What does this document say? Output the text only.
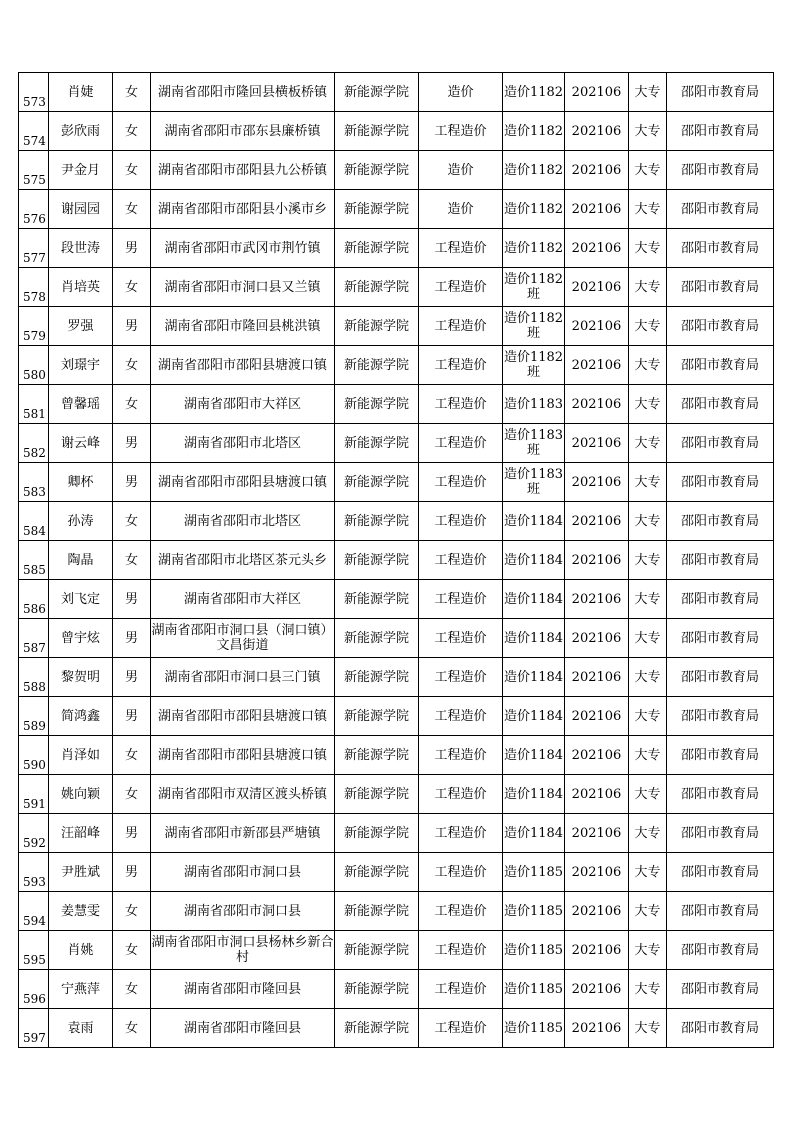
573	肖婕	女	湖南省邵阳市隆回县横板桥镇	新能源学院	造价	造价1182	202106	大专	邵阳市教育局
574	彭欣雨	女	湖南省邵阳市邵东县廉桥镇	新能源学院	工程造价	造价1182	202106	大专	邵阳市教育局
575	尹金月	女	湖南省邵阳市邵阳县九公桥镇	新能源学院	造价	造价1182	202106	大专	邵阳市教育局
576	谢园园	女	湖南省邵阳市邵阳县小溪市乡	新能源学院	造价	造价1182	202106	大专	邵阳市教育局
577	段世涛	男	湖南省邵阳市武冈市荆竹镇	新能源学院	工程造价	造价1182	202106	大专	邵阳市教育局
578	肖培英	女	湖南省邵阳市洞口县又兰镇	新能源学院	工程造价	造价1182班	202106	大专	邵阳市教育局
579	罗强	男	湖南省邵阳市隆回县桃洪镇	新能源学院	工程造价	造价1182班	202106	大专	邵阳市教育局
580	刘璟宇	女	湖南省邵阳市邵阳县塘渡口镇	新能源学院	工程造价	造价1182班	202106	大专	邵阳市教育局
581	曾馨瑶	女	湖南省邵阳市大祥区	新能源学院	工程造价	造价1183	202106	大专	邵阳市教育局
582	谢云峰	男	湖南省邵阳市北塔区	新能源学院	工程造价	造价1183班	202106	大专	邵阳市教育局
583	卿杯	男	湖南省邵阳市邵阳县塘渡口镇	新能源学院	工程造价	造价1183班	202106	大专	邵阳市教育局
584	孙涛	女	湖南省邵阳市北塔区	新能源学院	工程造价	造价1184	202106	大专	邵阳市教育局
585	陶晶	女	湖南省邵阳市北塔区茶元头乡	新能源学院	工程造价	造价1184	202106	大专	邵阳市教育局
586	刘飞定	男	湖南省邵阳市大祥区	新能源学院	工程造价	造价1184	202106	大专	邵阳市教育局
587	曾宇炫	男	湖南省邵阳市洞口县（洞口镇）文昌街道	新能源学院	工程造价	造价1184	202106	大专	邵阳市教育局
588	黎贺明	男	湖南省邵阳市洞口县三门镇	新能源学院	工程造价	造价1184	202106	大专	邵阳市教育局
589	简鸿鑫	男	湖南省邵阳市邵阳县塘渡口镇	新能源学院	工程造价	造价1184	202106	大专	邵阳市教育局
590	肖泽如	女	湖南省邵阳市邵阳县塘渡口镇	新能源学院	工程造价	造价1184	202106	大专	邵阳市教育局
591	姚向颖	女	湖南省邵阳市双清区渡头桥镇	新能源学院	工程造价	造价1184	202106	大专	邵阳市教育局
592	汪韶峰	男	湖南省邵阳市新邵县严塘镇	新能源学院	工程造价	造价1184	202106	大专	邵阳市教育局
593	尹胜斌	男	湖南省邵阳市洞口县	新能源学院	工程造价	造价1185	202106	大专	邵阳市教育局
594	姜慧雯	女	湖南省邵阳市洞口县	新能源学院	工程造价	造价1185	202106	大专	邵阳市教育局
595	肖姚	女	湖南省邵阳市洞口县杨林乡新合村	新能源学院	工程造价	造价1185	202106	大专	邵阳市教育局
596	宁燕萍	女	湖南省邵阳市隆回县	新能源学院	工程造价	造价1185	202106	大专	邵阳市教育局
597	袁雨	女	湖南省邵阳市隆回县	新能源学院	工程造价	造价1185	202106	大专	邵阳市教育局
